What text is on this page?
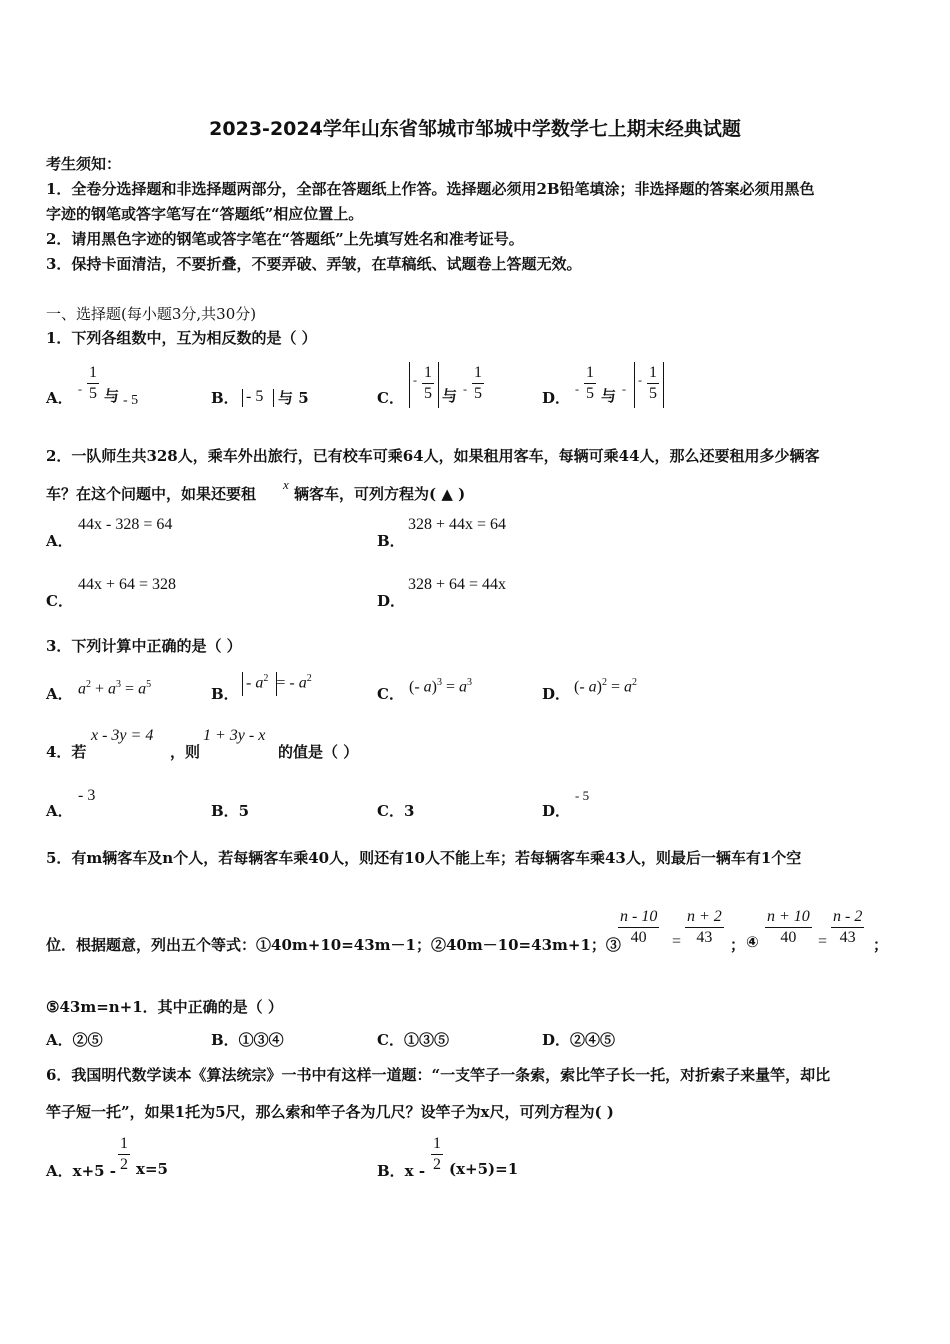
2023-2024学年山东省邹城市邹城中学数学七上期末经典试题
考生须知：
1．全卷分选择题和非选择题两部分，全部在答题纸上作答。选择题必须用2B铅笔填涂；非选择题的答案必须用黑色
字迹的钢笔或答字笔写在“答题纸”相应位置上。
2．请用黑色字迹的钢笔或答字笔在“答题纸”上先填写姓名和准考证号。
3．保持卡面清洁，不要折叠，不要弄破、弄皱，在草稿纸、试题卷上答题无效。
一、选择题(每小题3分,共30分)
1．下列各组数中，互为相反数的是（ ）
A． -
1
5 与 - 5	B． - 5 与 5	C．
- 1
5 与 -
1
5	D． -
1
5 与 -
- 1
5
2．一队师生共328人，乘车外出旅行，已有校车可乘64人，如果租用客车，每辆可乘44人，那么还要租用多少辆客
车？在这个问题中，如果还要租
x
辆客车，可列方程为( ▲ )
A．
44x - 328 = 64
B．
328 + 44x = 64
C．
44x + 64 = 328
D．
328 + 64 = 44x
3．下列计算中正确的是（ ）
A． $a^2 + a^3 = a^5$
B．
- $a^2$  = - $a^2$
C． (- $a)^3 = a^3$
D． (- $a)^2 = a^2$
4．若
x - 3y = 4
，则
1 + 3y - x
的值是（ ）
A．
- 3
B．5	C．3	D．
- 5
5．有m辆客车及n个人，若每辆客车乘40人，则还有10人不能上车；若每辆客车乘43人，则最后一辆车有1个空
位．根据题意，列出五个等式：①40m+10=43m－1；②40m－10=43m+1；③
n - 10
40	=
n + 2
43	； ④
n + 10
40	=
n - 2
43	；
⑤43m=n+1．其中正确的是（ ）
A．②⑤	B．①③④	C．①③⑤	D．②④⑤
6．我国明代数学读本《算法统宗》一书中有这样一道题：“一支竿子一条索，索比竿子长一托，对折索子来量竿，却比
竿子短一托”，如果1托为5尺，那么索和竿子各为几尺？设竿子为x尺，可列方程为( )
A．x+5 -
1
2 x=5	B．x -
1
2 (x+5)=1
